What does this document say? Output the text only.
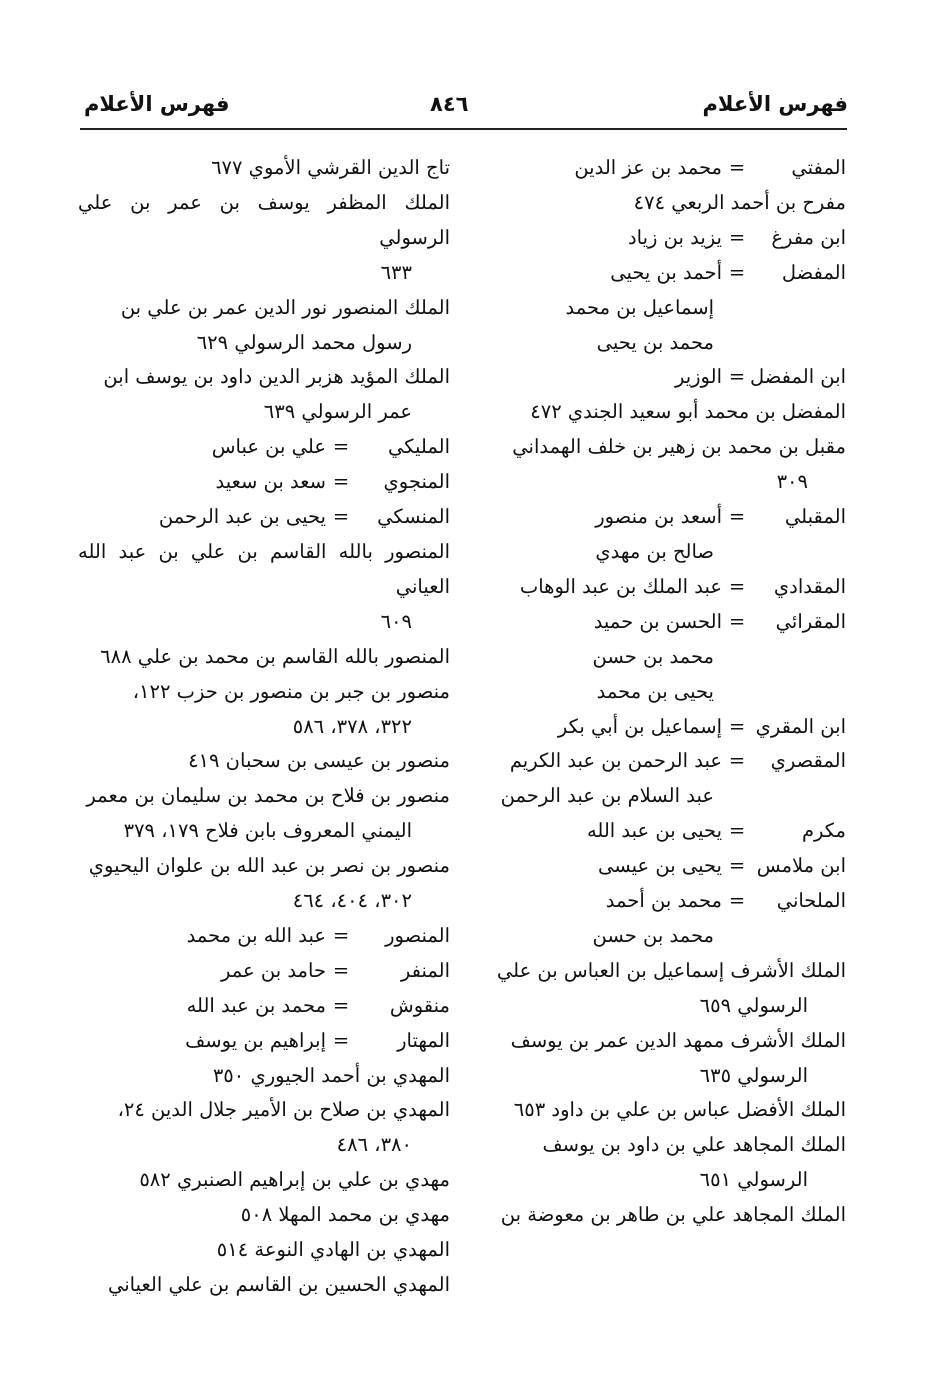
فهرس الأعلام
٨٤٦
فهرس الأعلام
المفتي
=
محمد بن عز الدين
مفرح بن أحمد الربعي ٤٧٤
ابن مفرغ
=
يزيد بن زياد
المفضل
=
أحمد بن يحيى
إسماعيل بن محمد
محمد بن يحيى
ابن المفضل
=
الوزير
المفضل بن محمد أبو سعيد الجندي ٤٧٢
مقبل بن محمد بن زهير بن خلف الهمداني
٣٠٩
المقبلي
=
أسعد بن منصور
صالح بن مهدي
المقدادي
=
عبد الملك بن عبد الوهاب
المقرائي
=
الحسن بن حميد
محمد بن حسن
يحيى بن محمد
ابن المقري
=
إسماعيل بن أبي بكر
المقصري
=
عبد الرحمن بن عبد الكريم
عبد السلام بن عبد الرحمن
مكرم
=
يحيى بن عبد الله
ابن ملامس
=
يحيى بن عيسى
الملحاني
=
محمد بن أحمد
محمد بن حسن
الملك الأشرف إسماعيل بن العباس بن علي
الرسولي ٦٥٩
الملك الأشرف ممهد الدين عمر بن يوسف
الرسولي ٦٣٥
الملك الأفضل عباس بن علي بن داود ٦٥٣
الملك المجاهد علي بن داود بن يوسف
الرسولي ٦٥١
الملك المجاهد علي بن طاهر بن معوضة بن
تاج الدين القرشي الأموي ٦٧٧
الملك المظفر يوسف بن عمر بن علي الرسولي
٦٣٣
الملك المنصور نور الدين عمر بن علي بن
رسول محمد الرسولي ٦٢٩
الملك المؤيد هزبر الدين داود بن يوسف ابن
عمر الرسولي ٦٣٩
المليكي
=
علي بن عباس
المنجوي
=
سعد بن سعيد
المنسكي
=
يحيى بن عبد الرحمن
المنصور بالله القاسم بن علي بن عبد الله العياني
٦٠٩
المنصور بالله القاسم بن محمد بن علي ٦٨٨
منصور بن جبر بن منصور بن حزب ١٢٢،
٣٢٢، ٣٧٨، ٥٨٦
منصور بن عيسى بن سحبان ٤١٩
منصور بن فلاح بن محمد بن سليمان بن معمر
اليمني المعروف بابن فلاح ١٧٩، ٣٧٩
منصور بن نصر بن عبد الله بن علوان اليحيوي
٣٠٢، ٤٠٤، ٤٦٤
المنصور
=
عبد الله بن محمد
المنفر
=
حامد بن عمر
منقوش
=
محمد بن عبد الله
المهتار
=
إبراهيم بن يوسف
المهدي بن أحمد الجيوري ٣٥٠
المهدي بن صلاح بن الأمير جلال الدين ٢٤،
٣٨٠، ٤٨٦
مهدي بن علي بن إبراهيم الصنبري ٥٨٢
مهدي بن محمد المهلا ٥٠٨
المهدي بن الهادي النوعة ٥١٤
المهدي الحسين بن القاسم بن علي العياني
